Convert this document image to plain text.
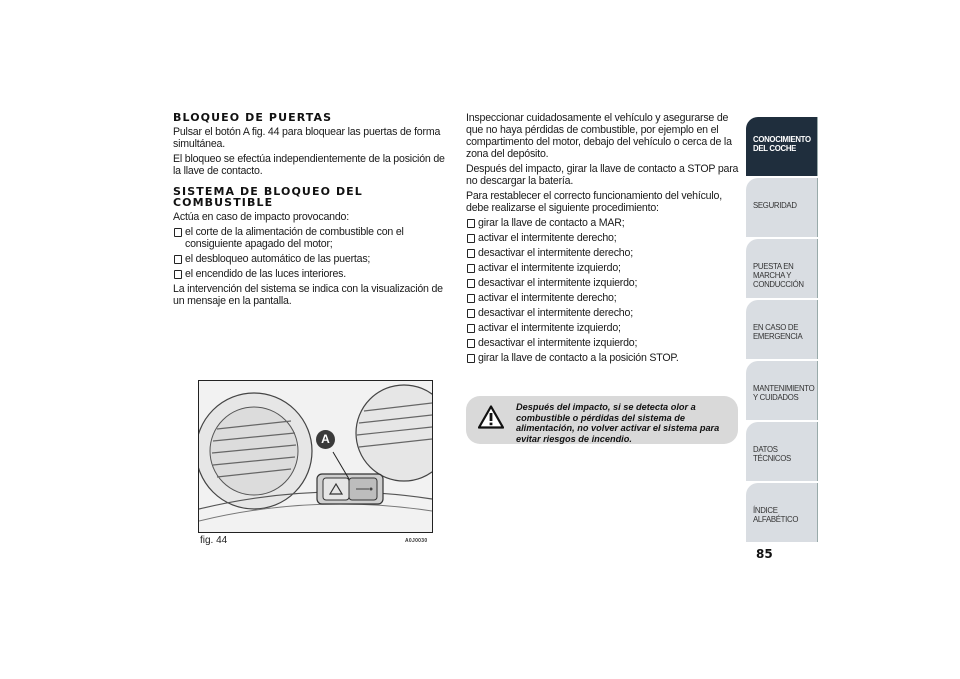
BLOQUEO DE PUERTAS

Pulsar el botón A fig. 44 para bloquear las puertas de forma simultánea.

El bloqueo se efectúa independientemente de la posición de la llave de contacto.

SISTEMA DE BLOQUEO DEL COMBUSTIBLE

Actúa en caso de impacto provocando:

el corte de la alimentación de combustible con el consiguiente apagado del motor;

el desbloqueo automático de las puertas;

el encendido de las luces interiores.

La intervención del sistema se indica con la visualización de un mensaje en la pantalla.

A
fig. 44	A0J0030

Inspeccionar cuidadosamente el vehículo y asegurarse de que no haya pérdidas de combustible, por ejemplo en el compartimento del motor, debajo del vehículo o cerca de la zona del depósito.

Después del impacto, girar la llave de contacto a STOP para no descargar la batería.

Para restablecer el correcto funcionamiento del vehículo, debe realizarse el siguiente procedimiento:

girar la llave de contacto a MAR;

activar el intermitente derecho;

desactivar el intermitente derecho;

activar el intermitente izquierdo;

desactivar el intermitente izquierdo;

activar el intermitente derecho;

desactivar el intermitente derecho;

activar el intermitente izquierdo;

desactivar el intermitente izquierdo;

girar la llave de contacto a la posición STOP.

Después del impacto, si se detecta olor a combustible o pérdidas del sistema de alimentación, no volver activar el sistema para evitar riesgos de incendio.
CONOCIMIENTO DEL COCHE
SEGURIDAD
PUESTA EN MARCHA Y CONDUCCIÓN
EN CASO DE EMERGENCIA
MANTENIMIENTO Y CUIDADOS
DATOS TÉCNICOS
ÍNDICE ALFABÉTICO
85
